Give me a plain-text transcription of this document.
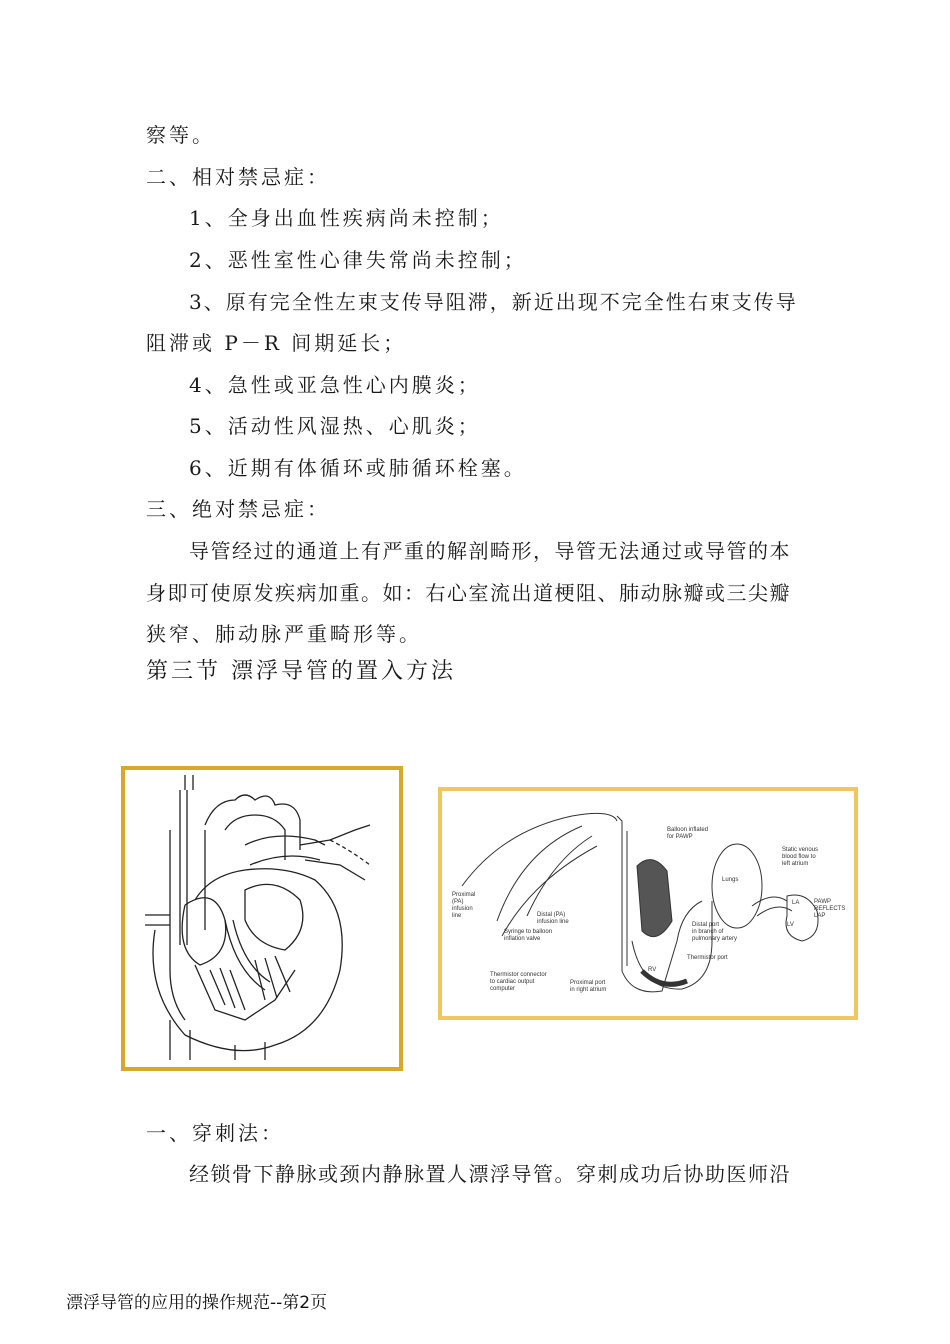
察等。
二、相对禁忌症：
1、全身出血性疾病尚未控制；
2、恶性室性心律失常尚未控制；
3、原有完全性左束支传导阻滞，新近出现不完全性右束支传导
阻滞或 P－R 间期延长；
4、急性或亚急性心内膜炎；
5、活动性风湿热、心肌炎；
6、近期有体循环或肺循环栓塞。
三、绝对禁忌症：
导管经过的通道上有严重的解剖畸形，导管无法通过或导管的本
身即可使原发疾病加重。如：右心室流出道梗阻、肺动脉瓣或三尖瓣
狭窄、肺动脉严重畸形等。
第三节 漂浮导管的置入方法
Balloon inflated
for PAWP
Proximal
(PA)
infusion
line	Distal (PA)
infusion line
Syringe to balloon
inflation valve
Thermistor connector
to cardiac output
computer
Proximal port
in right atrium
RV
Distal port
in branch of
pulmonary artery
Thermistor port
Lungs
Static venous
blood flow to
left atrium
LA
LV
PAWP
REFLECTS
LAP
一、穿刺法：
经锁骨下静脉或颈内静脉置人漂浮导管。穿刺成功后协助医师沿
漂浮导管的应用的操作规范--第2页
